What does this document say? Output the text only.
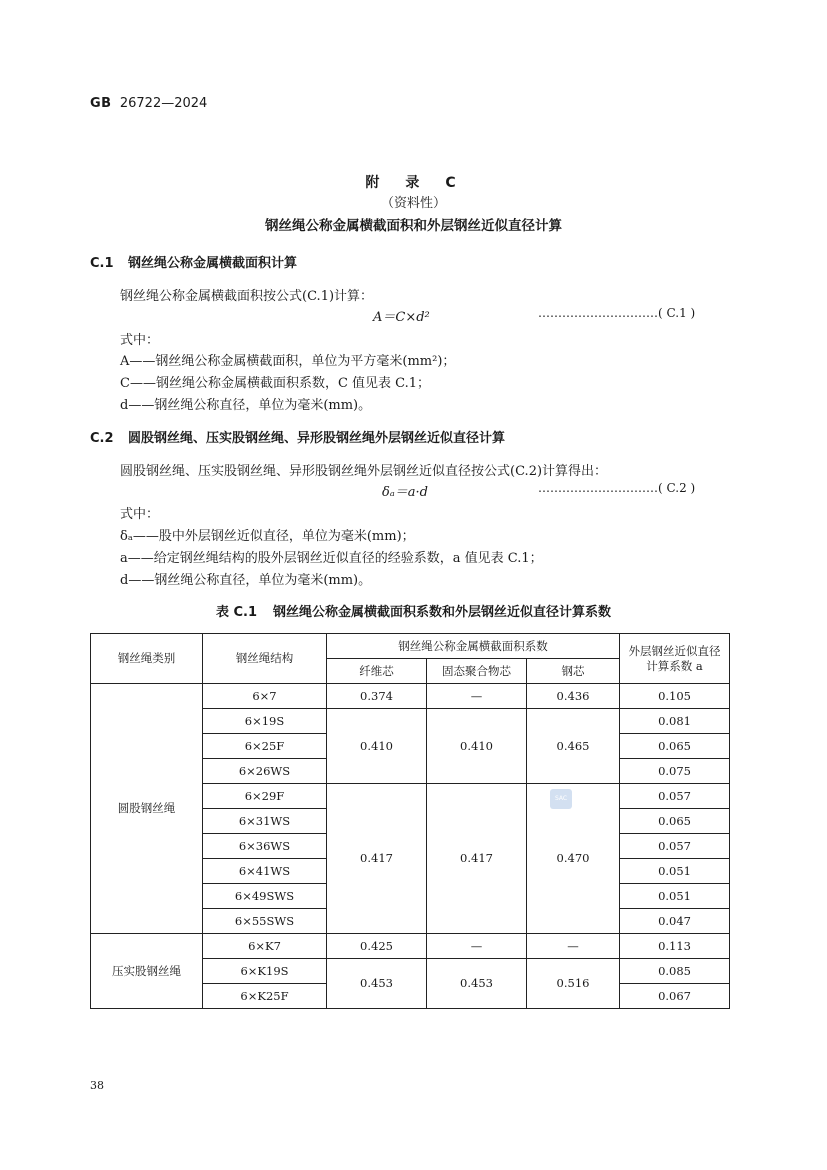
GB 26722—2024
附　录　C
（资料性）
钢丝绳公称金属横截面积和外层钢丝近似直径计算
C.1 钢丝绳公称金属横截面积计算
钢丝绳公称金属横截面积按公式(C.1)计算：
A＝C×d²	…………………………( C.1 )
式中：
A——钢丝绳公称金属横截面积，单位为平方毫米(mm²)；
C——钢丝绳公称金属横截面积系数，C 值见表 C.1；
d——钢丝绳公称直径，单位为毫米(mm)。
C.2 圆股钢丝绳、压实股钢丝绳、异形股钢丝绳外层钢丝近似直径计算
圆股钢丝绳、压实股钢丝绳、异形股钢丝绳外层钢丝近似直径按公式(C.2)计算得出：
δₐ＝a·d	…………………………( C.2 )
式中：
δₐ——股中外层钢丝近似直径，单位为毫米(mm)；
a——给定钢丝绳结构的股外层钢丝近似直径的经验系数，a 值见表 C.1；
d——钢丝绳公称直径，单位为毫米(mm)。
表 C.1 钢丝绳公称金属横截面积系数和外层钢丝近似直径计算系数
钢丝绳类别	钢丝绳结构	钢丝绳公称金属横截面积系数			外层钢丝近似直径
计算系数 a

		纤维芯	固态聚合物芯	钢芯	
圆股钢丝绳	6×7	0.374	—	0.436	0.105
	6×19S	0.410	0.410	0.465	0.081
	6×25F				0.065
	6×26WS				0.075
	6×29F	0.417	0.417	0.470	0.057
	6×31WS				0.065
	6×36WS				0.057
	6×41WS				0.051
	6×49SWS				0.051
	6×55SWS				0.047
压实股钢丝绳	6×K7	0.425	—	—	0.113
	6×K19S	0.453	0.453	0.516	0.085
	6×K25F				0.067
SAC
38
